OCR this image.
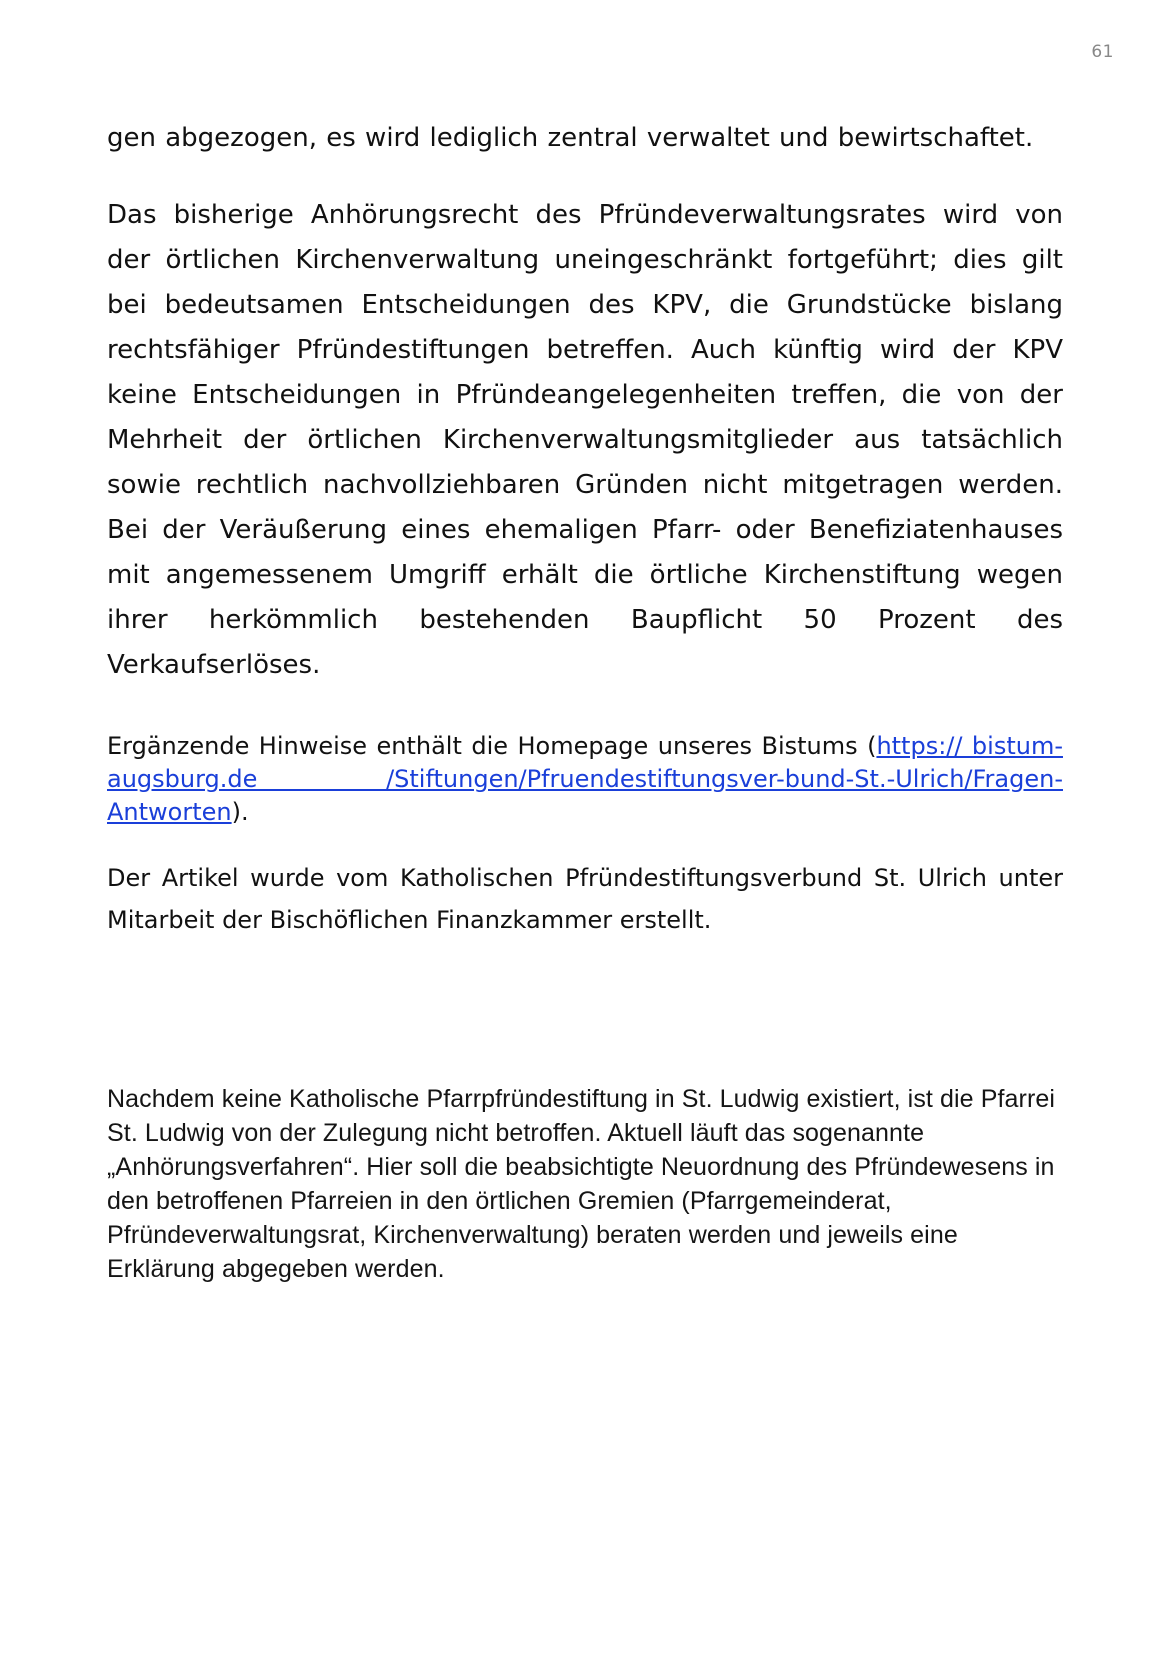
61

gen abgezogen, es wird lediglich zentral verwaltet und bewirtschaftet.

Das bisherige Anhörungsrecht des Pfründeverwaltungsrates wird von der örtlichen Kirchenverwaltung uneingeschränkt fortgeführt; dies gilt bei bedeutsamen Entscheidungen des KPV, die Grundstücke bislang rechtsfähiger Pfründestiftungen betreffen. Auch künftig wird der KPV keine Entscheidungen in Pfründeangelegenheiten treffen, die von der Mehrheit der örtlichen Kirchenverwaltungsmitglieder aus tatsächlich sowie rechtlich nachvollziehbaren Gründen nicht mitgetragen werden. Bei der Veräußerung eines ehemaligen Pfarr- oder Benefiziatenhauses mit angemessenem Umgriff erhält die örtliche Kirchenstiftung wegen ihrer herkömmlich bestehenden Baupflicht 50 Prozent des Verkaufserlöses.

Ergänzende Hinweise enthält die Homepage unseres Bistums (https:// bistum-augsburg.de /Stiftungen/Pfruendestiftungsver-bund-St.-Ulrich/Fragen-Antworten).

Der Artikel wurde vom Katholischen Pfründestiftungsverbund St. Ulrich unter Mitarbeit der Bischöflichen Finanzkammer erstellt.

Nachdem keine Katholische Pfarrpfründestiftung in St. Ludwig existiert, ist die Pfarrei St. Ludwig von der Zulegung nicht betroffen. Aktuell läuft das sogenannte „Anhörungsverfahren“. Hier soll die beabsichtigte Neuordnung des Pfründewesens in den betroffenen Pfarreien in den örtlichen Gremien (Pfarrgemeinderat, Pfründeverwaltungsrat, Kirchenverwaltung) beraten werden und jeweils eine Erklärung abgegeben werden.
